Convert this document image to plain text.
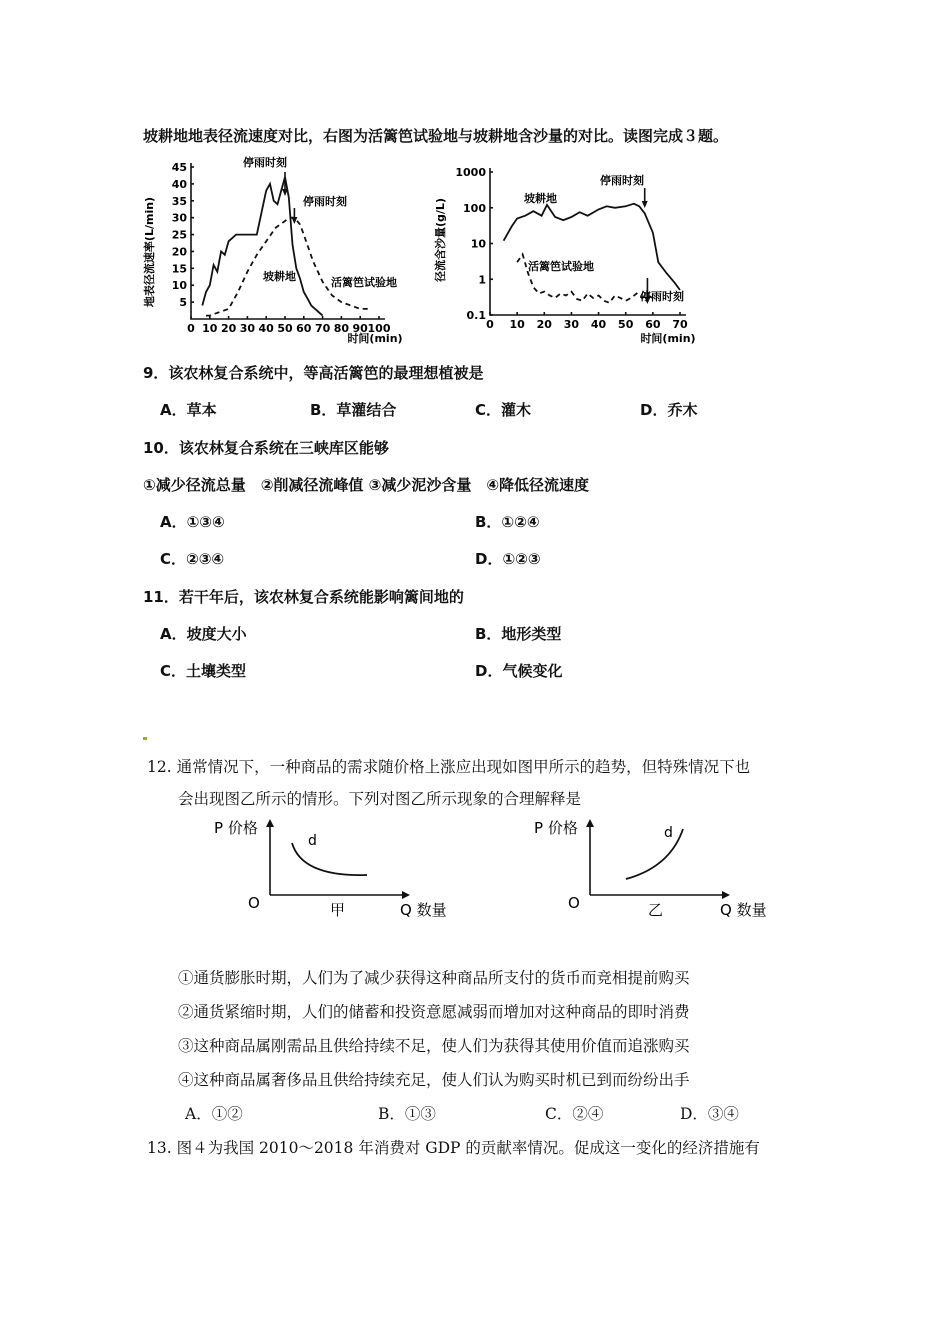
坡耕地地表径流速度对比，右图为活篱笆试验地与坡耕地含沙量的对比。读图完成３题。
0 10 20 30 40 50 60 70 80 90 100
5
10
15
20
25
30
35
40
45
地表径流速率(L/min)
时间(min)
停雨时刻
停雨时刻
坡耕地	活篱笆试验地
0 10 20 30 40 50 60 70
0.1
1
10
100
1000
径流含沙量(g/L)
时间(min)
停雨时刻
停雨时刻
坡耕地
活篱笆试验地
9．该农林复合系统中，等高活篱笆的最理想植被是
A．草本	B．草灌结合	C．灌木	D．乔木
10．该农林复合系统在三峡库区能够
①减少径流总量　②削减径流峰值 ③减少泥沙含量　④降低径流速度
A．①③④	B．①②④
C．②③④	D．①②③
11．若干年后，该农林复合系统能影响篱间地的
A．坡度大小	B．地形类型
C．土壤类型	D．气候变化
12. 通常情况下，一种商品的需求随价格上涨应出现如图甲所示的趋势，但特殊情况下也
会出现图乙所示的情形。下列对图乙所示现象的合理解释是
P 价格
d
O	甲	Q 数量
P 价格	d
O	乙	Q 数量
①通货膨胀时期，人们为了减少获得这种商品所支付的货币而竞相提前购买
②通货紧缩时期，人们的储蓄和投资意愿减弱而增加对这种商品的即时消费
③这种商品属刚需品且供给持续不足，使人们为获得其使用价值而追涨购买
④这种商品属奢侈品且供给持续充足，使人们认为购买时机已到而纷纷出手
A．①②	B．①③	C．②④	D．③④
13. 图４为我国 2010～2018 年消费对 GDP 的贡献率情况。促成这一变化的经济措施有
